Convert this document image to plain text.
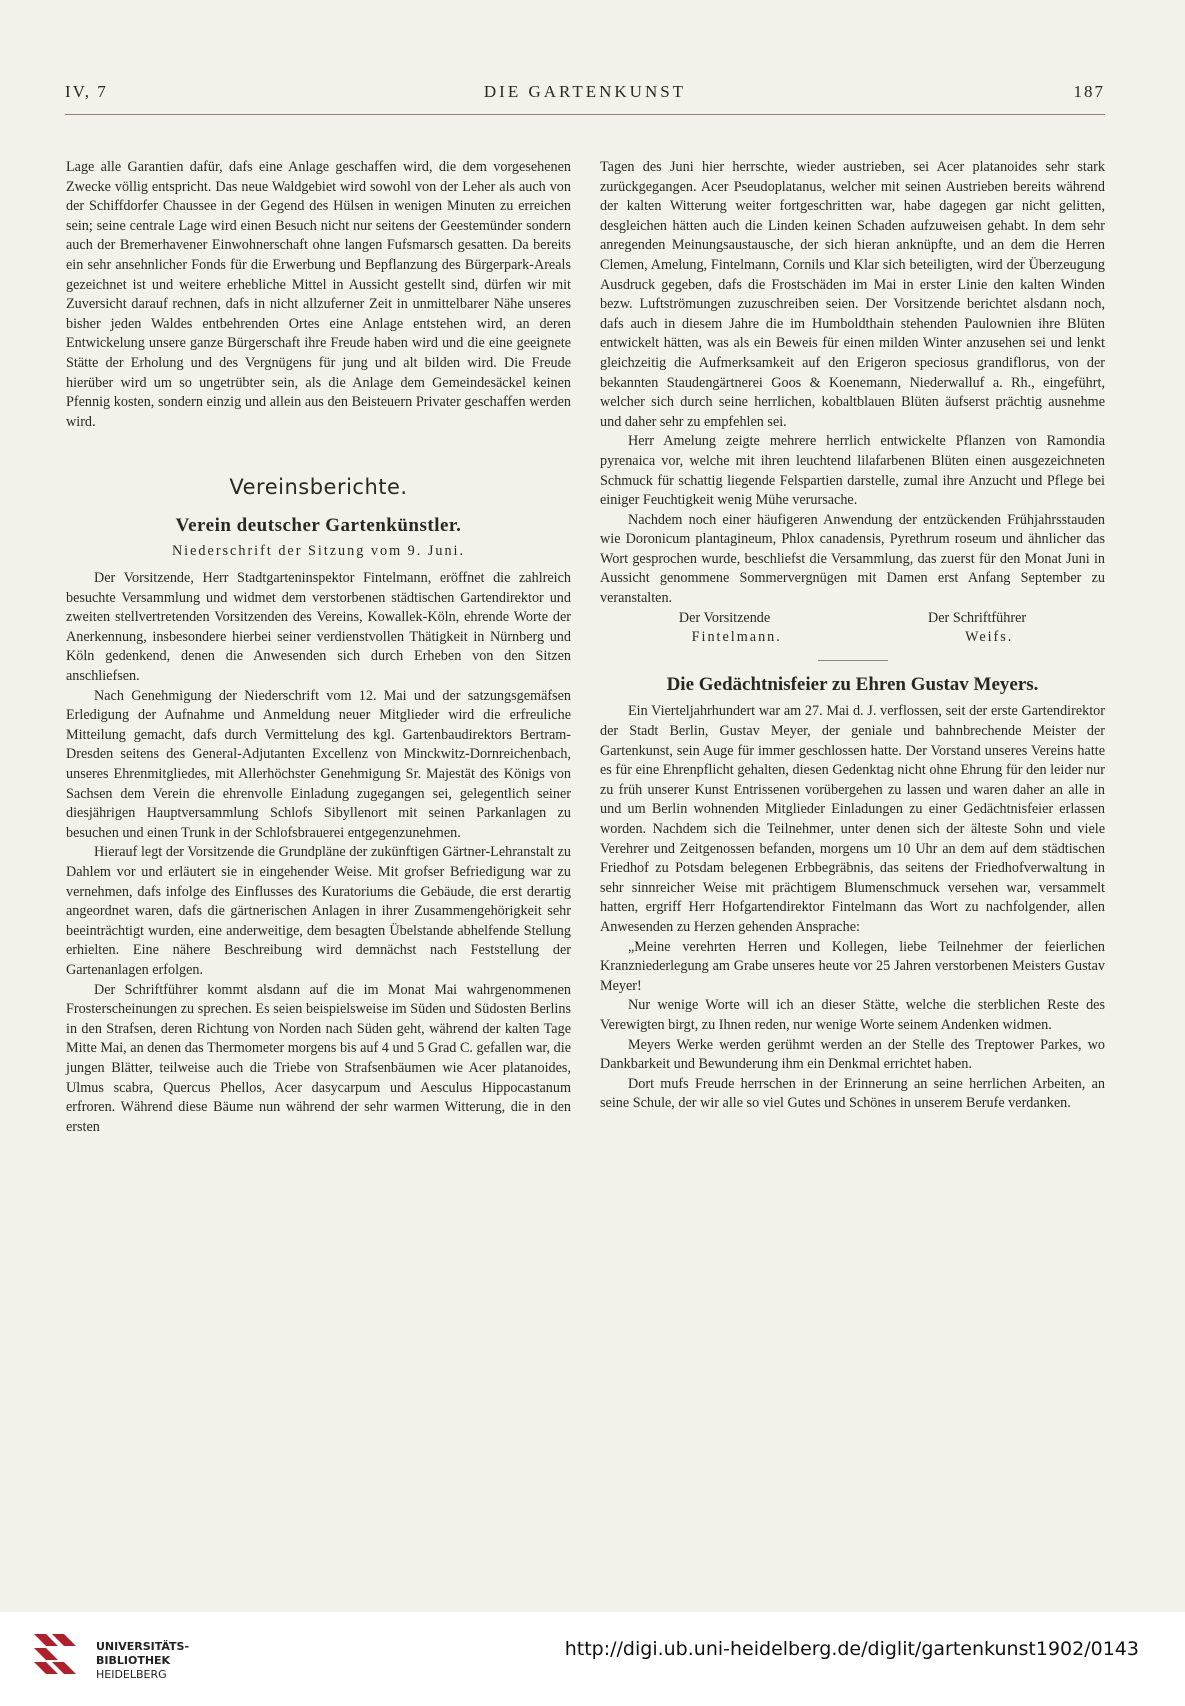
IV, 7	DIE GARTENKUNST	187

Lage alle Garantien dafür, dafs eine Anlage geschaffen wird, die dem vorgesehenen Zwecke völlig entspricht. Das neue Waldgebiet wird sowohl von der Leher als auch von der Schiffdorfer Chaussee in der Gegend des Hülsen in wenigen Minuten zu erreichen sein; seine centrale Lage wird einen Besuch nicht nur seitens der Geestemünder sondern auch der Bremerhavener Einwohnerschaft ohne langen Fufsmarsch gesatten. Da bereits ein sehr ansehnlicher Fonds für die Erwerbung und Bepflanzung des Bürgerpark-Areals gezeichnet ist und weitere erhebliche Mittel in Aussicht gestellt sind, dürfen wir mit Zuversicht darauf rechnen, dafs in nicht allzuferner Zeit in unmittelbarer Nähe unseres bisher jeden Waldes entbehrenden Ortes eine Anlage entstehen wird, an deren Entwickelung unsere ganze Bürgerschaft ihre Freude haben wird und die eine geeignete Stätte der Erholung und des Vergnügens für jung und alt bilden wird. Die Freude hierüber wird um so ungetrübter sein, als die Anlage dem Gemeindesäckel keinen Pfennig kosten, sondern einzig und allein aus den Beisteuern Privater geschaffen werden wird.

Vereinsberichte.
Verein deutscher Gartenkünstler.
Niederschrift der Sitzung vom 9. Juni.

Der Vorsitzende, Herr Stadtgarteninspektor Fintelmann, eröffnet die zahlreich besuchte Versammlung und widmet dem verstorbenen städtischen Gartendirektor und zweiten stellvertretenden Vorsitzenden des Vereins, Kowallek-Köln, ehrende Worte der Anerkennung, insbesondere hierbei seiner verdienstvollen Thätigkeit in Nürnberg und Köln gedenkend, denen die Anwesenden sich durch Erheben von den Sitzen anschliefsen.

Nach Genehmigung der Niederschrift vom 12. Mai und der satzungsgemäfsen Erledigung der Aufnahme und Anmeldung neuer Mitglieder wird die erfreuliche Mitteilung gemacht, dafs durch Vermittelung des kgl. Gartenbaudirektors Bertram-Dresden seitens des General-Adjutanten Excellenz von Minckwitz-Dornreichenbach, unseres Ehrenmitgliedes, mit Allerhöchster Genehmigung Sr. Majestät des Königs von Sachsen dem Verein die ehrenvolle Einladung zugegangen sei, gelegentlich seiner diesjährigen Hauptversammlung Schlofs Sibyllenort mit seinen Parkanlagen zu besuchen und einen Trunk in der Schlofsbrauerei entgegenzunehmen.

Hierauf legt der Vorsitzende die Grundpläne der zukünftigen Gärtner-Lehranstalt zu Dahlem vor und erläutert sie in eingehender Weise. Mit grofser Befriedigung war zu vernehmen, dafs infolge des Einflusses des Kuratoriums die Gebäude, die erst derartig angeordnet waren, dafs die gärtnerischen Anlagen in ihrer Zusammengehörigkeit sehr beeinträchtigt wurden, eine anderweitige, dem besagten Übelstande abhelfende Stellung erhielten. Eine nähere Beschreibung wird demnächst nach Feststellung der Gartenanlagen erfolgen.

Der Schriftführer kommt alsdann auf die im Monat Mai wahrgenommenen Frosterscheinungen zu sprechen. Es seien beispielsweise im Süden und Südosten Berlins in den Strafsen, deren Richtung von Norden nach Süden geht, während der kalten Tage Mitte Mai, an denen das Thermometer morgens bis auf 4 und 5 Grad C. gefallen war, die jungen Blätter, teilweise auch die Triebe von Strafsenbäumen wie Acer platanoides, Ulmus scabra, Quercus Phellos, Acer dasycarpum und Aesculus Hippocastanum erfroren. Während diese Bäume nun während der sehr warmen Witterung, die in den ersten

Tagen des Juni hier herrschte, wieder austrieben, sei Acer platanoides sehr stark zurückgegangen. Acer Pseudoplatanus, welcher mit seinen Austrieben bereits während der kalten Witterung weiter fortgeschritten war, habe dagegen gar nicht gelitten, desgleichen hätten auch die Linden keinen Schaden aufzuweisen gehabt. In dem sehr anregenden Meinungsaustausche, der sich hieran anknüpfte, und an dem die Herren Clemen, Amelung, Fintelmann, Cornils und Klar sich beteiligten, wird der Überzeugung Ausdruck gegeben, dafs die Frostschäden im Mai in erster Linie den kalten Winden bezw. Luftströmungen zuzuschreiben seien. Der Vorsitzende berichtet alsdann noch, dafs auch in diesem Jahre die im Humboldthain stehenden Paulownien ihre Blüten entwickelt hätten, was als ein Beweis für einen milden Winter anzusehen sei und lenkt gleichzeitig die Aufmerksamkeit auf den Erigeron speciosus grandiflorus, von der bekannten Staudengärtnerei Goos & Koenemann, Niederwalluf a. Rh., eingeführt, welcher sich durch seine herrlichen, kobaltblauen Blüten äufserst prächtig ausnehme und daher sehr zu empfehlen sei.

Herr Amelung zeigte mehrere herrlich entwickelte Pflanzen von Ramondia pyrenaica vor, welche mit ihren leuchtend lilafarbenen Blüten einen ausgezeichneten Schmuck für schattig liegende Felspartien darstelle, zumal ihre Anzucht und Pflege bei einiger Feuchtigkeit wenig Mühe verursache.

Nachdem noch einer häufigeren Anwendung der entzückenden Frühjahrsstauden wie Doronicum plantagineum, Phlox canadensis, Pyrethrum roseum und ähnlicher das Wort gesprochen wurde, beschliefst die Versammlung, das zuerst für den Monat Juni in Aussicht genommene Sommervergnügen mit Damen erst Anfang September zu veranstalten.

Der Vorsitzende	Der Schriftführer
Fintelmann.	Weifs.
Die Gedächtnisfeier zu Ehren Gustav Meyers.

Ein Vierteljahrhundert war am 27. Mai d. J. verflossen, seit der erste Gartendirektor der Stadt Berlin, Gustav Meyer, der geniale und bahnbrechende Meister der Gartenkunst, sein Auge für immer geschlossen hatte. Der Vorstand unseres Vereins hatte es für eine Ehrenpflicht gehalten, diesen Gedenktag nicht ohne Ehrung für den leider nur zu früh unserer Kunst Entrissenen vorübergehen zu lassen und waren daher an alle in und um Berlin wohnenden Mitglieder Einladungen zu einer Gedächtnisfeier erlassen worden. Nachdem sich die Teilnehmer, unter denen sich der älteste Sohn und viele Verehrer und Zeitgenossen befanden, morgens um 10 Uhr an dem auf dem städtischen Friedhof zu Potsdam belegenen Erbbegräbnis, das seitens der Friedhofverwaltung in sehr sinnreicher Weise mit prächtigem Blumenschmuck versehen war, versammelt hatten, ergriff Herr Hofgartendirektor Fintelmann das Wort zu nachfolgender, allen Anwesenden zu Herzen gehenden Ansprache:

„Meine verehrten Herren und Kollegen, liebe Teilnehmer der feierlichen Kranzniederlegung am Grabe unseres heute vor 25 Jahren verstorbenen Meisters Gustav Meyer!

Nur wenige Worte will ich an dieser Stätte, welche die sterblichen Reste des Verewigten birgt, zu Ihnen reden, nur wenige Worte seinem Andenken widmen.

Meyers Werke werden gerühmt werden an der Stelle des Treptower Parkes, wo Dankbarkeit und Bewunderung ihm ein Denkmal errichtet haben.

Dort mufs Freude herrschen in der Erinnerung an seine herrlichen Arbeiten, an seine Schule, der wir alle so viel Gutes und Schönes in unserem Berufe verdanken.

UNIVERSITÄTS-
BIBLIOTHEK
HEIDELBERG
http://digi.ub.uni-heidelberg.de/diglit/gartenkunst1902/0143
